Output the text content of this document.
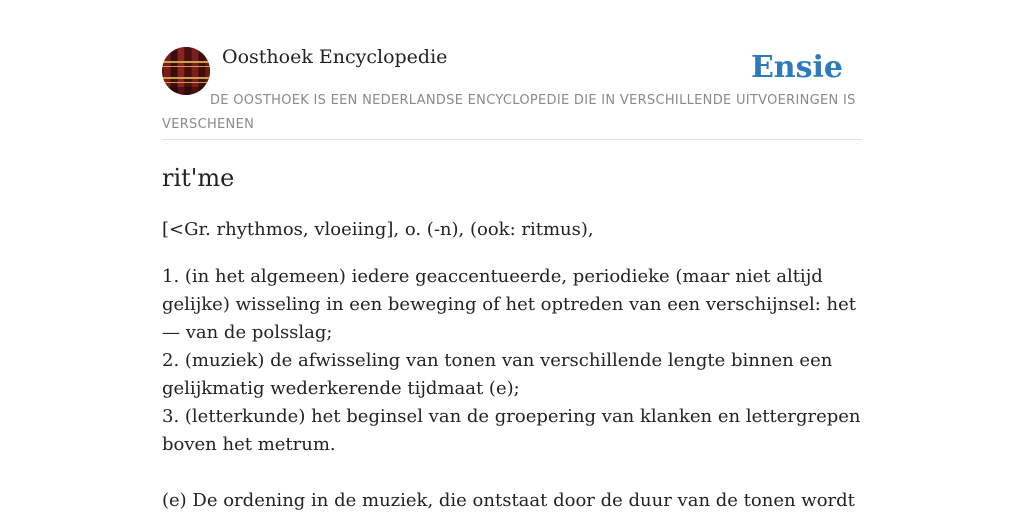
Oosthoek Encyclopedie	Ensie
DE OOSTHOEK IS EEN NEDERLANDSE ENCYCLOPEDIE DIE IN VERSCHILLENDE UITVOERINGEN IS VERSCHENEN
rit'me

[<Gr. rhythmos, vloeiing], o. (-n), (ook: ritmus),

1. (in het algemeen) iedere geaccentueerde, periodieke (maar niet altijd gelijke) wisseling in een beweging of het optreden van een verschijnsel: het — van de polsslag;
2. (muziek) de afwisseling van tonen van verschillende lengte binnen een gelijkmatig wederkerende tijdmaat (e);
3. (letterkunde) het beginsel van de groepering van klanken en lettergrepen boven het metrum.

(e) De ordening in de muziek, die ontstaat door de duur van de tonen wordt
